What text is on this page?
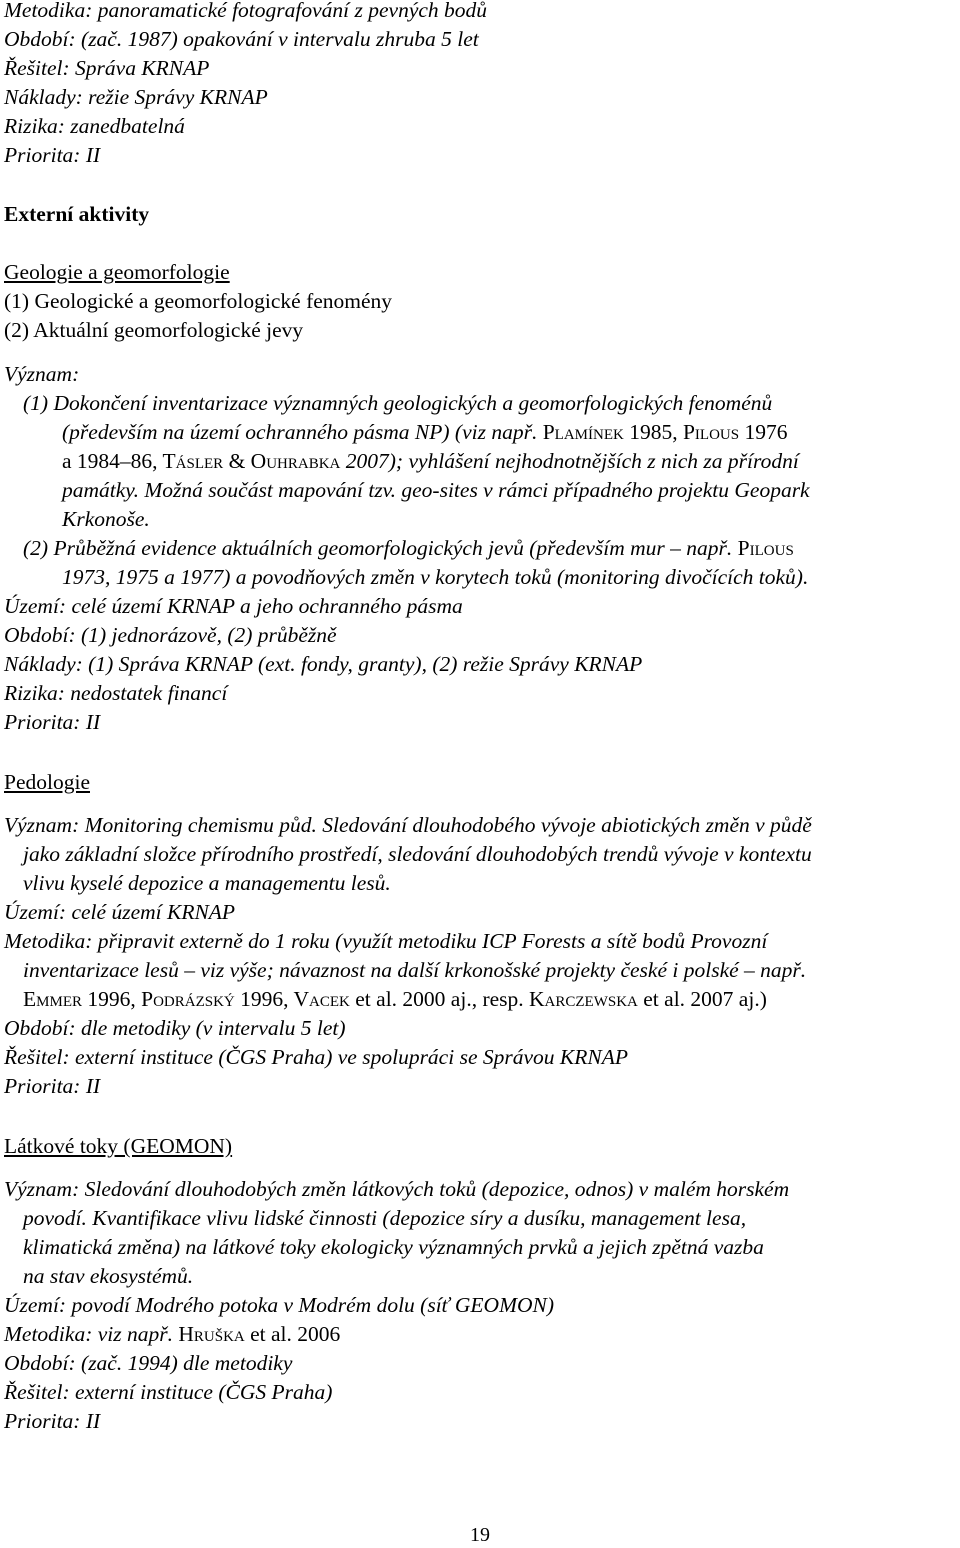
Metodika: panoramatické fotografování z pevných bodů
Období: (zač. 1987) opakování v intervalu zhruba 5 let
Řešitel: Správa KRNAP
Náklady: režie Správy KRNAP
Rizika: zanedbatelná
Priorita: II
Externí aktivity
Geologie a geomorfologie
(1) Geologické a geomorfologické fenomény
(2) Aktuální geomorfologické jevy
Význam:
(1) Dokončení inventarizace významných geologických a geomorfologických fenoménů
(především na území ochranného pásma NP) (viz např. PLAMÍNEK 1985, PILOUS 1976
a 1984–86, TÁSLER & OUHRABKA 2007); vyhlášení nejhodnotnějších z nich za přírodní
památky. Možná součást mapování tzv. geo-sites v rámci případného projektu Geopark
Krkonoše.
(2) Průběžná evidence aktuálních geomorfologických jevů (především mur – např. PILOUS
1973, 1975 a 1977) a povodňových změn v korytech toků (monitoring divočících toků).
Území: celé území KRNAP a jeho ochranného pásma
Období: (1) jednorázově, (2) průběžně
Náklady: (1) Správa KRNAP (ext. fondy, granty), (2) režie Správy KRNAP
Rizika: nedostatek financí
Priorita: II
Pedologie
Význam: Monitoring chemismu půd. Sledování dlouhodobého vývoje abiotických změn v půdě
jako základní složce přírodního prostředí, sledování dlouhodobých trendů vývoje v kontextu
vlivu kyselé depozice a managementu lesů.
Území: celé území KRNAP
Metodika: připravit externě do 1 roku (využít metodiku ICP Forests a sítě bodů Provozní
inventarizace lesů – viz výše; návaznost na další krkonošské projekty české i polské – např.
EMMER 1996, PODRÁZSKÝ 1996, VACEK et al. 2000 aj., resp. KARCZEWSKA et al. 2007 aj.)
Období: dle metodiky (v intervalu 5 let)
Řešitel: externí instituce (ČGS Praha) ve spolupráci se Správou KRNAP
Priorita: II
Látkové toky (GEOMON)
Význam: Sledování dlouhodobých změn látkových toků (depozice, odnos) v malém horském
povodí. Kvantifikace vlivu lidské činnosti (depozice síry a dusíku, management lesa,
klimatická změna) na látkové toky ekologicky významných prvků a jejich zpětná vazba
na stav ekosystémů.
Území: povodí Modrého potoka v Modrém dolu (síť GEOMON)
Metodika: viz např. HRUŠKA et al. 2006
Období: (zač. 1994) dle metodiky
Řešitel: externí instituce (ČGS Praha)
Priorita: II
19
